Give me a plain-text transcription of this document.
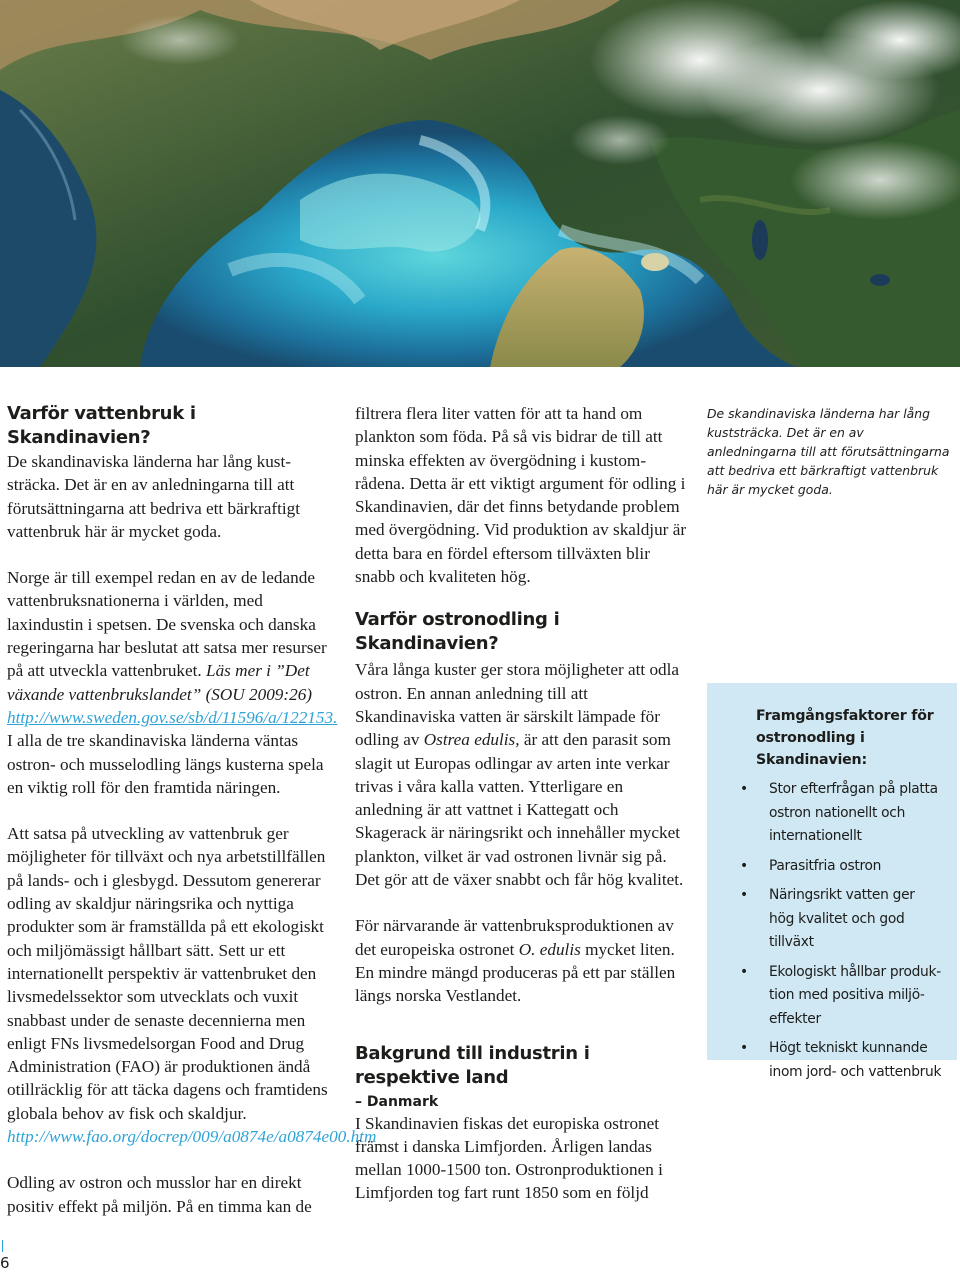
Varför vattenbruk i Skandinavien?

De skandinaviska länderna har lång kuststräcka. Det är en av anledningarna till att förutsättningarna att bedriva ett bärkraftigt vattenbruk här är mycket goda.

Norge är till exempel redan en av de ledande vattenbruksnationerna i världen, med laxindustin i spetsen. De svenska och danska regeringarna har beslutat att satsa mer resurser på att utveckla vattenbruket. Läs mer i ”Det växande vattenbrukslandet” (SOU 2009:26) http://www.sweden.gov.se/sb/d/11596/a/122153. I alla de tre skandinaviska länderna väntas ostron- och musselodling längs kusterna spela en viktig roll för den framtida näringen.

Att satsa på utveckling av vattenbruk ger möjligheter för tillväxt och nya arbetstillfällen på lands- och i glesbygd. Dessutom genererar odling av skaldjur näringsrika och nyttiga produkter som är framställda på ett ekologiskt och miljömässigt hållbart sätt. Sett ur ett internationellt perspektiv är vattenbruket den livsmedelssektor som utvecklats och vuxit snabbast under de senaste decennierna men enligt FNs livsmedelsorgan Food and Drug Administration (FAO) är produktionen ändå otillräcklig för att täcka dagens och framtidens globala behov av fisk och skaldjur. http://www.fao.org/docrep/009/a0874e/a0874e00.htm

Odling av ostron och musslor har en direkt positiv effekt på miljön. På en timma kan de

filtrera flera liter vatten för att ta hand om plankton som föda. På så vis bidrar de till att minska effekten av övergödning i kustområdena. Detta är ett viktigt argument för odling i Skandinavien, där det finns betydande problem med övergödning. Vid produktion av skaldjur är detta bara en fördel eftersom tillväxten blir snabb och kvaliteten hög.

Varför ostronodling i Skandinavien?

Våra långa kuster ger stora möjligheter att odla ostron. En annan anledning till att Skandinaviska vatten är särskilt lämpade för odling av Ostrea edulis, är att den parasit som slagit ut Europas odlingar av arten inte verkar trivas i våra kalla vatten. Ytterligare en anledning är att vattnet i Kattegatt och Skagerack är näringsrikt och innehåller mycket plankton, vilket är vad ostronen livnär sig på. Det gör att de växer snabbt och får hög kvalitet.

För närvarande är vattenbruksproduktionen av det europeiska ostronet O. edulis mycket liten. En mindre mängd produceras på ett par ställen längs norska Vestlandet.

Bakgrund till industrin i respektive land
– Danmark

I Skandinavien fiskas det europiska ostronet främst i danska Limfjorden. Årligen landas mellan 1000-1500 ton. Ostronproduktionen i Limfjorden tog fart runt 1850 som en följd

De skandinaviska länderna har lång kuststräcka. Det är en av anledningarna till att förutsättningarna att bedriva ett bärkraftigt vattenbruk här är mycket goda.

Framgångsfaktorer för ostronodling i Skandinavien:
• Stor efterfrågan på platta ostron nationellt och internationellt
• Parasitfria ostron
• Näringsrikt vatten ger hög kvalitet och god tillväxt
• Ekologiskt hållbar produktion med positiva miljöeffekter
• Högt tekniskt kunnande inom jord- och vattenbruk
6
